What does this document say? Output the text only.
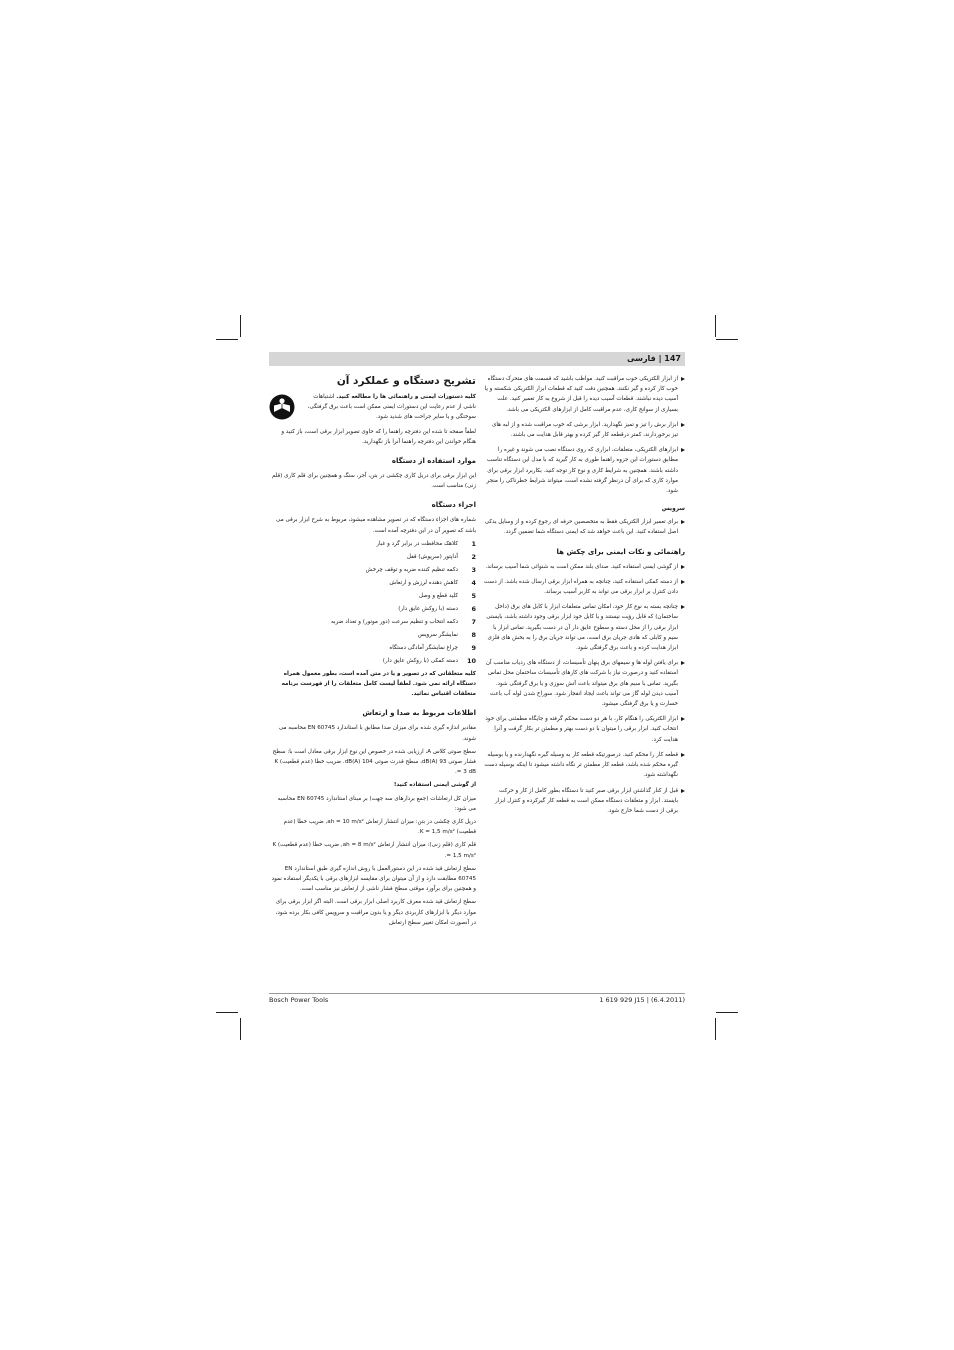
147 | فارسی
از ابزار الکتریکی خوب مراقبت کنید. مواظب باشید که قسمت های متحرک دستگاه خوب کار کرده و گیر نکنند. همچنین دقت کنید که قطعات ابزار الکتریکی شکسته و یا آسیب دیده نباشند. قطعات آسیب دیده را قبل از شروع به کار تعمیر کنید. علت بسیاری از سوانح کاری، عدم مراقبت کامل از ابزارهای الکتریکی می باشد.
ابزار برش را تیز و تمیز نگهدارید. ابزار برشی که خوب مراقبت شده و از لبه های تیز برخوردارند، کمتر درقطعه کار گیر کرده و بهتر قابل هدایت می باشند.
ابزارهای الکتریکی، متعلقات، ابزاری که روی دستگاه نصب می شوند و غیره را مطابق دستورات این جزوه راهنما طوری به کار گیرید که با مدل این دستگاه تناسب داشته باشند. همچنین به شرایط کاری و نوع کار توجه کنید. بکاربرد ابزار برقی برای موارد کاری که برای آن درنظر گرفته نشده است، میتواند شرایط خطرناکی را منجر شود.
سرویس
برای تعمیر ابزار الکتریکی فقط به متخصصین حرفه ای رجوع کرده و از وسایل یدکی اصل استفاده کنید. این باعث خواهد شد که ایمنی دستگاه شما تضمین گردد.
راهنمائی و نکات ایمنی برای چکش ها
از گوشی ایمنی استفاده کنید. صدای بلند ممکن است به شنوائی شما آسیب برساند.
از دسته کمکی استفاده کنید، چنانچه به همراه ابزار برقی ارسال شده باشد. از دست دادن کنترل بر ابزار برقی می تواند به کاربر آسیب برساند.
چنانچه بسته به نوع کار خود، امکان تماس متعلقات ابزار با کابل های برق (داخل ساختمان) که قابل رؤیت نیستند و یا کابل خود ابزار برقی وجود داشته باشد، بایستی ابزار برقی را از محل دسته و سطوح عایق دار آن در دست بگیرید. تماس ابزار با سیم و کابلی که هادی جریان برق است، می تواند جریان برق را به بخش های فلزی ابزار هدایت کرده و باعث برق گرفتگی شود.
برای یافتن لوله ها و سیمهای برق پنهان تأسیسات، از دستگاه های ردیاب مناسب آن استفاده کنید و درصورت نیاز با شرکت های کارهای تأسیسات ساختمان محل تماس بگیرید. تماس با سیم های برق میتواند باعث آتش سوزی و یا برق گرفتگی شود. آسیب دیدن لوله گاز می تواند باعث ایجاد انفجار شود. سوراخ شدن لوله آب باعث خسارت و یا برق گرفتگی میشود.
ابزار الکتریکی را هنگام کار، با هر دو دست محکم گرفته و جایگاه مطمئنی برای خود انتخاب کنید. ابزار برقی را میتوان با دو دست بهتر و مطمئن تر بکار گرفت و آنرا هدایت کرد.
قطعه کار را محکم کنید. درصورتیکه قطعه کار به وسیله گیره نگهدارنده و یا بوسیله گیره محکم شده باشد، قطعه کار مطمئن تر نگاه داشته میشود تا اینکه بوسیله دست نگهداشته شود.
قبل از کنار گذاشتن ابزار برقی صبر کنید تا دستگاه بطور کامل از کار و حرکت بایستد. ابزار و متعلقات دستگاه ممکن است به قطعه کار گیرکرده و کنترل ابزار برقی از دست شما خارج شود.
تشریح دستگاه و عملکرد آن
کلیه دستورات ایمنی و راهنمائی ها را مطالعه کنید. اشتباهات ناشی از عدم رعایت این دستورات ایمنی ممکن است باعث برق گرفتگی، سوختگی و یا سایر جراحت های شدید شود.
لطفاً صفحه تا شده این دفترچه راهنما را که حاوی تصویر ابزار برقی است، باز کنید و هنگام خواندن این دفترچه راهنما آنرا باز نگهدارید.
موارد استفاده از دستگاه
این ابزار برقی برای دریل کاری چکشی در بتن، آجر، سنگ و همچنین برای قلم کاری (قلم زنی) مناسب است.
اجزاء دستگاه
شماره های اجزاء دستگاه که در تصویر مشاهده میشود، مربوط به شرح ابزار برقی می باشد که تصویر آن در این دفترچه آمده است.
1
کلاهک محافظت در برابر گرد و غبار
2
آداپتور (سرپوش) قفل
3
دکمه تنظیم کننده ضربه و توقف چرخش
4
کاهش دهنده لرزش و ارتعاش
5
کلید قطع و وصل
6
دسته (با روکش عایق دار)
7
دکمه انتخاب و تنظیم سرعت (دور موتور) و تعداد ضربه
8
نمایشگر سرویس
9
چراغ نمایشگر آمادگی دستگاه
10
دسته کمکی (با روکش عایق دار)
کلیه متعلقاتی که در تصویر و یا در متن آمده است، بطور معمول همراه دستگاه ارائه نمی شود. لطفاً لیست کامل متعلقات را از فهرست برنامه متعلقات اقتباس نمائید.
اطلاعات مربوط به صدا و ارتعاش
مقادیر اندازه گیری شده برای میزان صدا مطابق با استاندارد EN 60745 محاسبه می شوند.
سطح صوتی کلاس A، ارزیابی شده در خصوص این نوع ابزار برقی معادل است با: سطح فشار صوتی 93 dB(A)، سطح قدرت صوتی 104 dB(A). ضریب خطا (عدم قطعیت) K = 3 dB.
از گوشی ایمنی استفاده کنید!
میزان کل ارتعاشات (جمع بردارهای سه جهت) بر مبنای استاندارد EN 60745 محاسبه می شود:
دریل کاری چکشی در بتن: میزان انتشار ارتعاش ah = 10 m/s², ضریب خطا (عدم قطعیت) K = 1,5 m/s².
قلم کاری (قلم زنی): میزان انتشار ارتعاش ah = 8 m/s², ضریب خطا (عدم قطعیت) K = 1,5 m/s².
سطح ارتعاش قید شده در این دستورالعمل با روش اندازه گیری طبق استاندارد EN 60745 مطابقت دارد و از آن میتوان برای مقایسه ابزارهای برقی با یکدیگر استفاده نمود و همچنین برای برآورد موقتی سطح فشار ناشی از ارتعاش نیز مناسب است.
سطح ارتعاش قید شده معرف کاربرد اصلی ابزار برقی است. البته اگر ابزار برقی برای موارد دیگر با ابزارهای کاربردی دیگر و یا بدون مراقبت و سرویس کافی بکار برده شود، در آنصورت امکان تغییر سطح ارتعاش
Bosch Power Tools	1 619 929 J15 | (6.4.2011)
